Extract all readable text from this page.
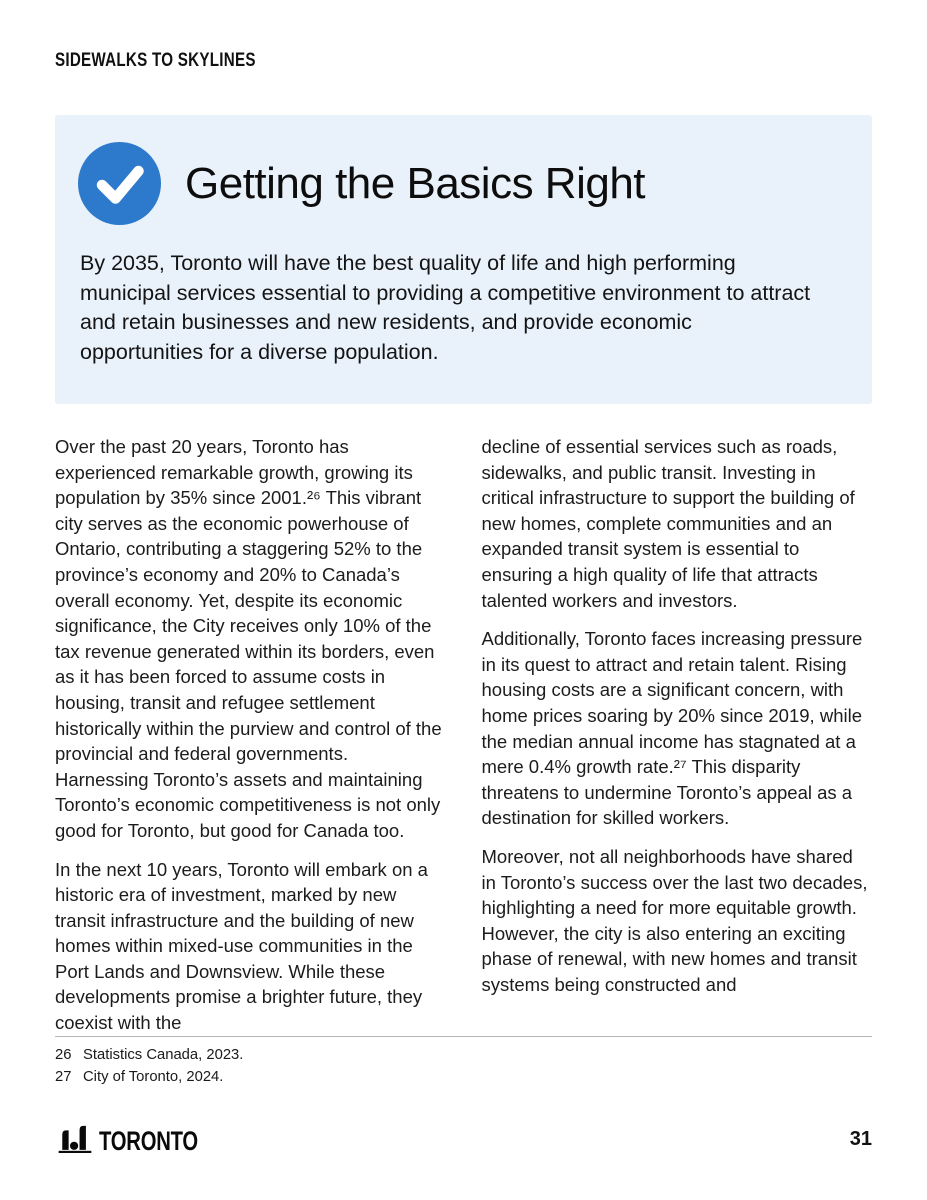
SIDEWALKS TO SKYLINES
Getting the Basics Right

By 2035, Toronto will have the best quality of life and high performing municipal services essential to providing a competitive environment to attract and retain businesses and new residents, and provide economic opportunities for a diverse population.

Over the past 20 years, Toronto has experienced remarkable growth, growing its population by 35% since 2001.²⁶ This vibrant city serves as the economic powerhouse of Ontario, contributing a staggering 52% to the province’s economy and 20% to Canada’s overall economy. Yet, despite its economic significance, the City receives only 10% of the tax revenue generated within its borders, even as it has been forced to assume costs in housing, transit and refugee settlement historically within the purview and control of the provincial and federal governments. Harnessing Toronto’s assets and maintaining Toronto’s economic competitiveness is not only good for Toronto, but good for Canada too.

In the next 10 years, Toronto will embark on a historic era of investment, marked by new transit infrastructure and the building of new homes within mixed-use communities in the Port Lands and Downsview. While these developments promise a brighter future, they coexist with the

decline of essential services such as roads, sidewalks, and public transit. Investing in critical infrastructure to support the building of new homes, complete communities and an expanded transit system is essential to ensuring a high quality of life that attracts talented workers and investors.

Additionally, Toronto faces increasing pressure in its quest to attract and retain talent. Rising housing costs are a significant concern, with home prices soaring by 20% since 2019, while the median annual income has stagnated at a mere 0.4% growth rate.²⁷ This disparity threatens to undermine Toronto’s appeal as a destination for skilled workers.

Moreover, not all neighborhoods have shared in Toronto’s success over the last two decades, highlighting a need for more equitable growth. However, the city is also entering an exciting phase of renewal, with new homes and transit systems being constructed and

26 Statistics Canada, 2023.
27 City of Toronto, 2024.
TORONTO	31
